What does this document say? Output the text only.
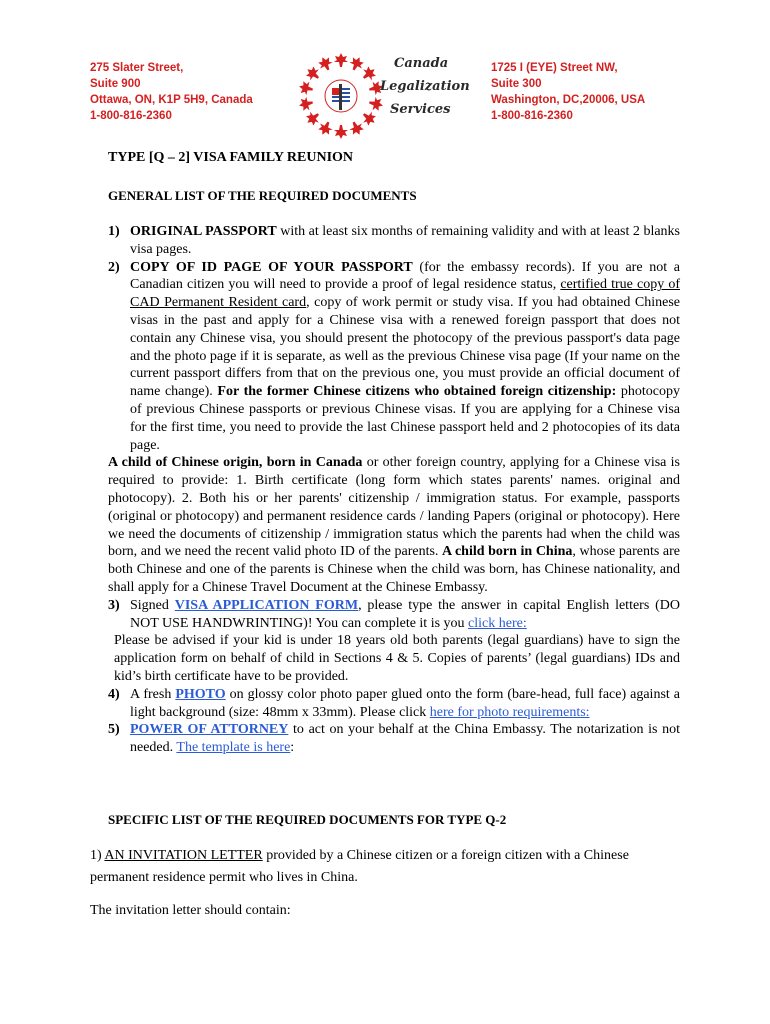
275 Slater Street,
Suite 900
Ottawa, ON, K1P 5H9, Canada
1-800-816-2360
Canada
Legalization
Services
1725 I (EYE) Street NW,
Suite 300
Washington, DC,20006, USA
1-800-816-2360
TYPE [Q – 2] VISA FAMILY REUNION
GENERAL LIST OF THE REQUIRED DOCUMENTS
1) ORIGINAL PASSPORT with at least six months of remaining validity and with at least 2 blanks visa pages.
2) COPY OF ID PAGE OF YOUR PASSPORT (for the embassy records). If you are not a Canadian citizen you will need to provide a proof of legal residence status, certified true copy of CAD Permanent Resident card, copy of work permit or study visa. If you had obtained Chinese visas in the past and apply for a Chinese visa with a renewed foreign passport that does not contain any Chinese visa, you should present the photocopy of the previous passport's data page and the photo page if it is separate, as well as the previous Chinese visa page (If your name on the current passport differs from that on the previous one, you must provide an official document of name change). For the former Chinese citizens who obtained foreign citizenship: photocopy of previous Chinese passports or previous Chinese visas. If you are applying for a Chinese visa for the first time, you need to provide the last Chinese passport held and 2 photocopies of its data page.
A child of Chinese origin, born in Canada or other foreign country, applying for a Chinese visa is required to provide: 1. Birth certificate (long form which states parents' names. original and photocopy). 2. Both his or her parents' citizenship / immigration status. For example, passports (original or photocopy) and permanent residence cards / landing Papers (original or photocopy). Here we need the documents of citizenship / immigration status which the parents had when the child was born, and we need the recent valid photo ID of the parents. A child born in China, whose parents are both Chinese and one of the parents is Chinese when the child was born, has Chinese nationality, and shall apply for a Chinese Travel Document at the Chinese Embassy.
3) Signed VISA APPLICATION FORM, please type the answer in capital English letters (DO NOT USE HANDWRINTING)! You can complete it is you click here:
Please be advised if your kid is under 18 years old both parents (legal guardians) have to sign the application form on behalf of child in Sections 4 & 5. Copies of parents’ (legal guardians) IDs and kid’s birth certificate have to be provided.
4) A fresh PHOTO on glossy color photo paper glued onto the form (bare-head, full face) against a light background (size: 48mm x 33mm). Please click here for photo requirements:
5) POWER OF ATTORNEY to act on your behalf at the China Embassy. The notarization is not needed. The template is here:
SPECIFIC LIST OF THE REQUIRED DOCUMENTS FOR TYPE Q-2
1) AN INVITATION LETTER provided by a Chinese citizen or a foreign citizen with a Chinese permanent residence permit who lives in China.
The invitation letter should contain:
